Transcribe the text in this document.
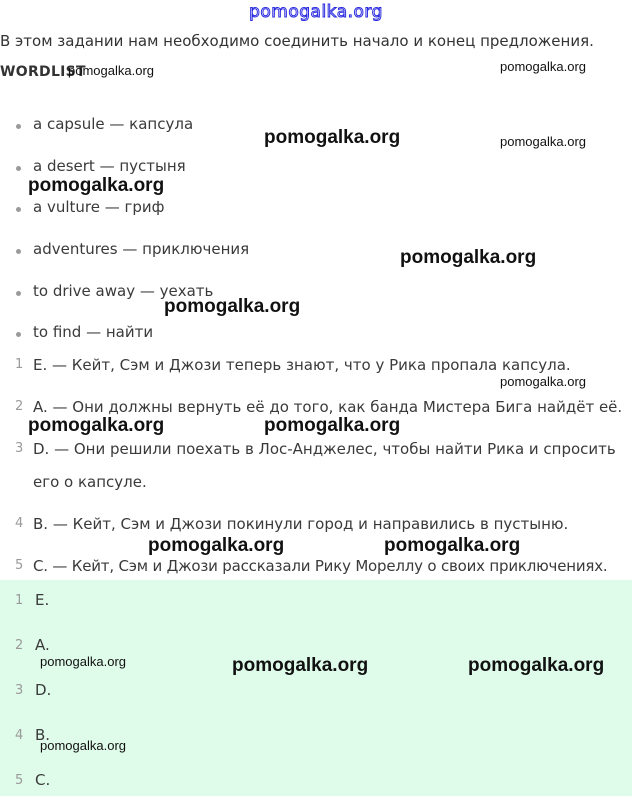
pomogalka.org
В этом задании нам необходимо соединить начало и конец предложения.
WORDLIST
a capsule — капсула
a desert — пустыня
a vulture — гриф
adventures — приключения
to drive away — уехать
to find — найти
1 E. — Кейт, Сэм и Джози теперь знают, что у Рика пропала капсула.
2 A. — Они должны вернуть её до того, как банда Мистера Бига найдёт её.
3 D. — Они решили поехать в Лос-Анджелес, чтобы найти Рика и спросить
его о капсуле.
4 B. — Кейт, Сэм и Джози покинули город и направились в пустыню.
5 C. — Кейт, Сэм и Джози рассказали Рику Мореллу о своих приключениях.
1 E.
2 A.
3 D.
4 B.
5 C.
pomogalka.org	pomogalka.org
pomogalka.org	pomogalka.org
pomogalka.org
pomogalka.org
pomogalka.org
pomogalka.org
pomogalka.org	pomogalka.org
pomogalka.org	pomogalka.org
pomogalka.org	pomogalka.org	pomogalka.org
pomogalka.org
